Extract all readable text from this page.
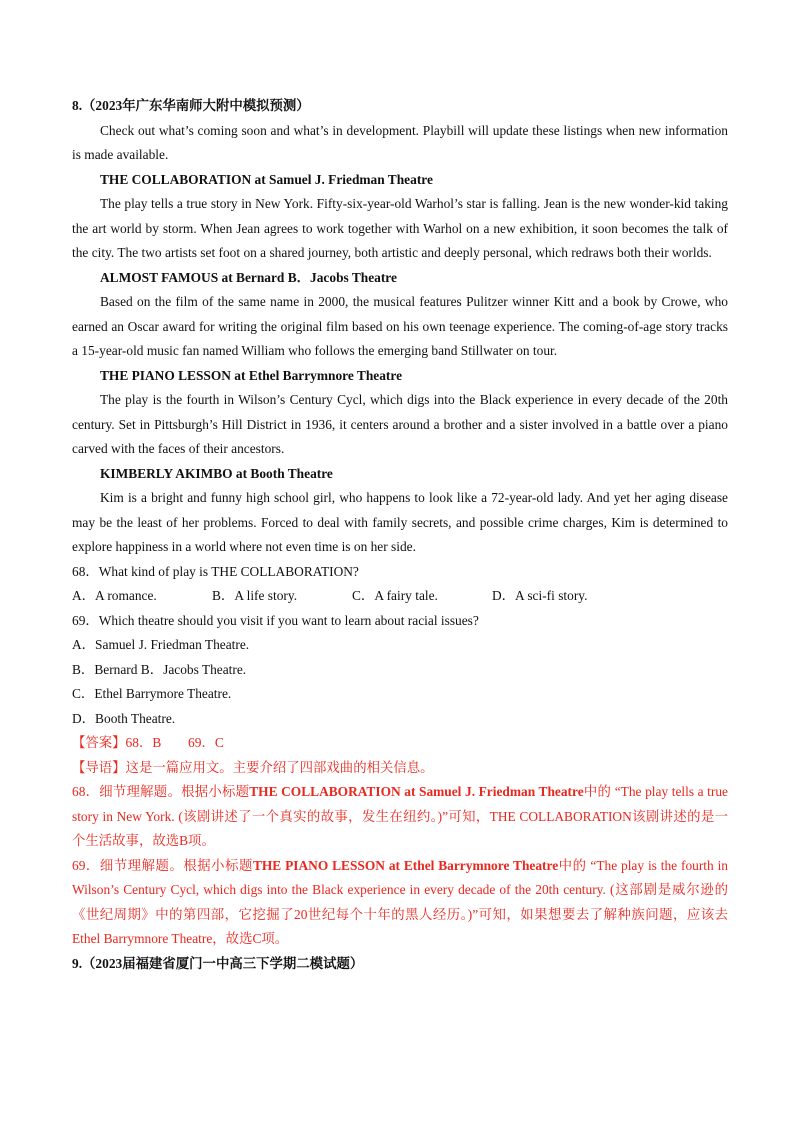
8.（2023年广东华南师大附中模拟预测）

Check out what’s coming soon and what’s in development. Playbill will update these listings when new information is made available.

THE COLLABORATION at Samuel J. Friedman Theatre

The play tells a true story in New York. Fifty-six-year-old Warhol’s star is falling. Jean is the new wonder-kid taking the art world by storm. When Jean agrees to work together with Warhol on a new exhibition, it soon becomes the talk of the city. The two artists set foot on a shared journey, both artistic and deeply personal, which redraws both their worlds.

ALMOST FAMOUS at Bernard B．Jacobs Theatre

Based on the film of the same name in 2000, the musical features Pulitzer winner Kitt and a book by Crowe, who earned an Oscar award for writing the original film based on his own teenage experience. The coming-of-age story tracks a 15-year-old music fan named William who follows the emerging band Stillwater on tour.

THE PIANO LESSON at Ethel Barrymnore Theatre

The play is the fourth in Wilson’s Century Cycl, which digs into the Black experience in every decade of the 20th century. Set in Pittsburgh’s Hill District in 1936, it centers around a brother and a sister involved in a battle over a piano carved with the faces of their ancestors.

KIMBERLY AKIMBO at Booth Theatre

Kim is a bright and funny high school girl, who happens to look like a 72-year-old lady. And yet her aging disease may be the least of her problems. Forced to deal with family secrets, and possible crime charges, Kim is determined to explore happiness in a world where not even time is on her side.

68．What kind of play is THE COLLABORATION?

A．A romance.	B．A life story.	C．A fairy tale.	D．A sci-fi story.

69．Which theatre should you visit if you want to learn about racial issues?

A．Samuel J. Friedman Theatre.

B．Bernard B．Jacobs Theatre.

C．Ethel Barrymore Theatre.

D．Booth Theatre.

【答案】68．B　　69．C

【导语】这是一篇应用文。主要介绍了四部戏曲的相关信息。

68．细节理解题。根据小标题THE COLLABORATION at Samuel J. Friedman Theatre中的 “The play tells a true story in New York. (该剧讲述了一个真实的故事，发生在纽约。)”可知，THE COLLABORATION该剧讲述的是一个生活故事，故选B项。

69．细节理解题。根据小标题THE PIANO LESSON at Ethel Barrymnore Theatre中的 “The play is the fourth in Wilson’s Century Cycl, which digs into the Black experience in every decade of the 20th century. (这部剧是威尔逊的《世纪周期》中的第四部，它挖掘了20世纪每个十年的黑人经历。)”可知，如果想要去了解种族问题，应该去Ethel Barrymnore Theatre，故选C项。

9.（2023届福建省厦门一中高三下学期二模试题）
